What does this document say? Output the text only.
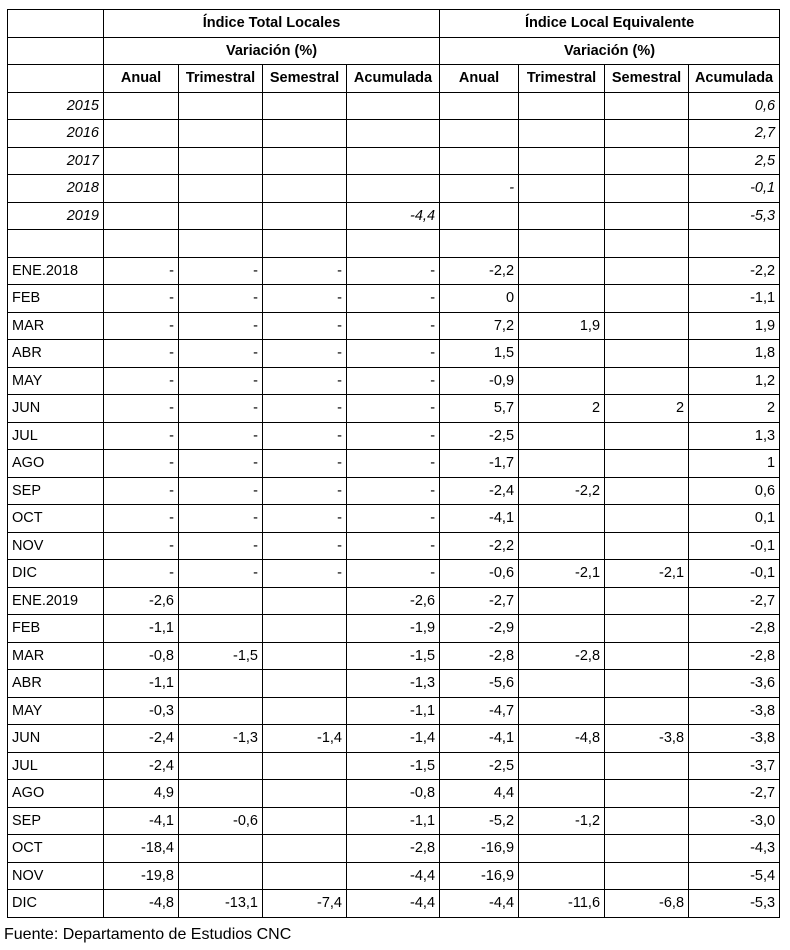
	Índice Total Locales				Índice Local Equivalente			
	Variación (%)				Variación (%)			
	Anual	Trimestral	Semestral	Acumulada	Anual	Trimestral	Semestral	Acumulada
2015								0,6
2016								2,7
2017								2,5
2018					-			-0,1
2019				-4,4				-5,3

ENE.2018	-	-	-	-	-2,2			-2,2
FEB	-	-	-	-	0			-1,1
MAR	-	-	-	-	7,2	1,9		1,9
ABR	-	-	-	-	1,5			1,8
MAY	-	-	-	-	-0,9			1,2
JUN	-	-	-	-	5,7	2	2	2
JUL	-	-	-	-	-2,5			1,3
AGO	-	-	-	-	-1,7			1
SEP	-	-	-	-	-2,4	-2,2		0,6
OCT	-	-	-	-	-4,1			0,1
NOV	-	-	-	-	-2,2			-0,1
DIC	-	-	-	-	-0,6	-2,1	-2,1	-0,1
ENE.2019	-2,6			-2,6	-2,7			-2,7
FEB	-1,1			-1,9	-2,9			-2,8
MAR	-0,8	-1,5		-1,5	-2,8	-2,8		-2,8
ABR	-1,1			-1,3	-5,6			-3,6
MAY	-0,3			-1,1	-4,7			-3,8
JUN	-2,4	-1,3	-1,4	-1,4	-4,1	-4,8	-3,8	-3,8
JUL	-2,4			-1,5	-2,5			-3,7
AGO	4,9			-0,8	4,4			-2,7
SEP	-4,1	-0,6		-1,1	-5,2	-1,2		-3,0
OCT	-18,4			-2,8	-16,9			-4,3
NOV	-19,8			-4,4	-16,9			-5,4
DIC	-4,8	-13,1	-7,4	-4,4	-4,4	-11,6	-6,8	-5,3
Fuente: Departamento de Estudios CNC
